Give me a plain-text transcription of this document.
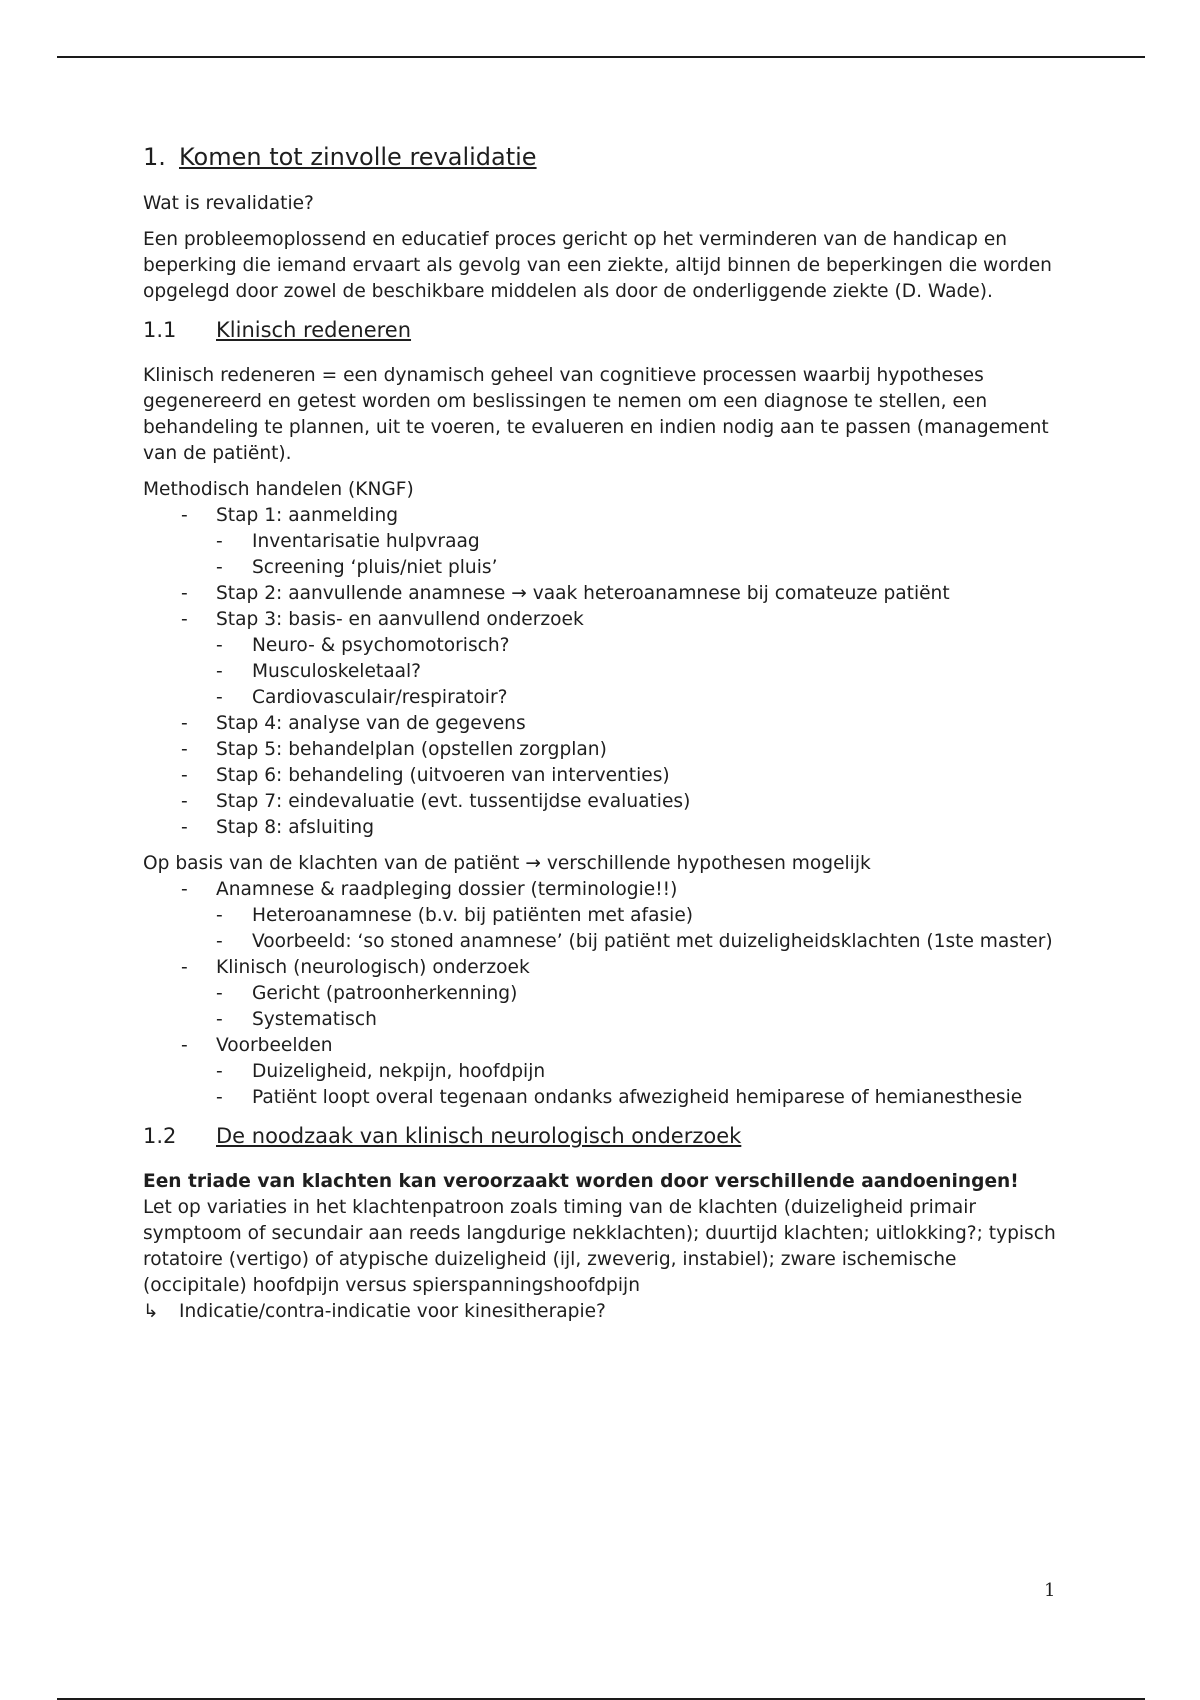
1. Komen tot zinvolle revalidatie

Wat is revalidatie?

Een probleemoplossend en educatief proces gericht op het verminderen van de handicap en beperking die iemand ervaart als gevolg van een ziekte, altijd binnen de beperkingen die worden opgelegd door zowel de beschikbare middelen als door de onderliggende ziekte (D. Wade).

1.1 Klinisch redeneren

Klinisch redeneren = een dynamisch geheel van cognitieve processen waarbij hypotheses gegenereerd en getest worden om beslissingen te nemen om een diagnose te stellen, een behandeling te plannen, uit te voeren, te evalueren en indien nodig aan te passen (management van de patiënt).

Methodisch handelen (KNGF)

- Stap 1: aanmelding
- Inventarisatie hulpvraag
- Screening ‘pluis/niet pluis’
- Stap 2: aanvullende anamnese → vaak heteroanamnese bij comateuze patiënt
- Stap 3: basis- en aanvullend onderzoek
- Neuro- & psychomotorisch?
- Musculoskeletaal?
- Cardiovasculair/respiratoir?
- Stap 4: analyse van de gegevens
- Stap 5: behandelplan (opstellen zorgplan)
- Stap 6: behandeling (uitvoeren van interventies)
- Stap 7: eindevaluatie (evt. tussentijdse evaluaties)
- Stap 8: afsluiting

Op basis van de klachten van de patiënt → verschillende hypothesen mogelijk

- Anamnese & raadpleging dossier (terminologie!!)
- Heteroanamnese (b.v. bij patiënten met afasie)
- Voorbeeld: ‘so stoned anamnese’ (bij patiënt met duizeligheidsklachten (1ste master)
- Klinisch (neurologisch) onderzoek
- Gericht (patroonherkenning)
- Systematisch
- Voorbeelden
- Duizeligheid, nekpijn, hoofdpijn
- Patiënt loopt overal tegenaan ondanks afwezigheid hemiparese of hemianesthesie
1.2 De noodzaak van klinisch neurologisch onderzoek

Een triade van klachten kan veroorzaakt worden door verschillende aandoeningen!

Let op variaties in het klachtenpatroon zoals timing van de klachten (duizeligheid primair symptoom of secundair aan reeds langdurige nekklachten); duurtijd klachten; uitlokking?; typisch rotatoire (vertigo) of atypische duizeligheid (ijl, zweverig, instabiel); zware ischemische (occipitale) hoofdpijn versus spierspanningshoofdpijn

↳ Indicatie/contra-indicatie voor kinesitherapie?
1
